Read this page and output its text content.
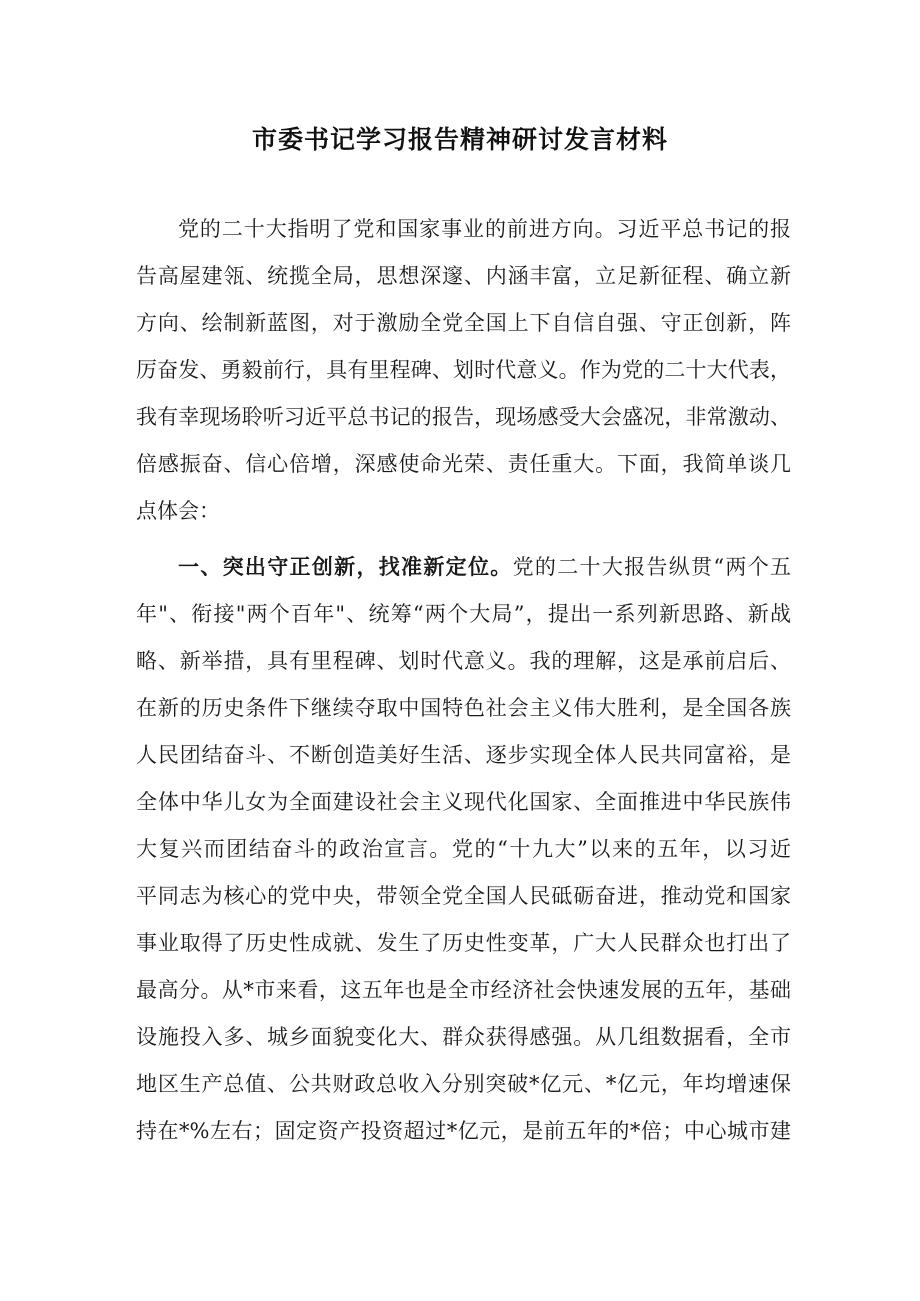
市委书记学习报告精神研讨发言材料
党的二十大指明了党和国家事业的前进方向。习近平总书记的报
告高屋建瓴、统揽全局，思想深邃、内涵丰富，立足新征程、确立新
方向、绘制新蓝图，对于激励全党全国上下自信自强、守正创新，阵
厉奋发、勇毅前行，具有里程碑、划时代意义。作为党的二十大代表，
我有幸现场聆听习近平总书记的报告，现场感受大会盛况，非常激动、
倍感振奋、信心倍增，深感使命光荣、责任重大。下面，我简单谈几
点体会：
一、突出守正创新，找准新定位。党的二十大报告纵贯“两个五
年"、衔接"两个百年"、统筹“两个大局”，提出一系列新思路、新战
略、新举措，具有里程碑、划时代意义。我的理解，这是承前启后、
在新的历史条件下继续夺取中国特色社会主义伟大胜利，是全国各族
人民团结奋斗、不断创造美好生活、逐步实现全体人民共同富裕，是
全体中华儿女为全面建设社会主义现代化国家、全面推进中华民族伟
大复兴而团结奋斗的政治宣言。党的“十九大”以来的五年，以习近
平同志为核心的党中央，带领全党全国人民砥砺奋进，推动党和国家
事业取得了历史性成就、发生了历史性变革，广大人民群众也打出了
最高分。从*市来看，这五年也是全市经济社会快速发展的五年，基础
设施投入多、城乡面貌变化大、群众获得感强。从几组数据看，全市
地区生产总值、公共财政总收入分别突破*亿元、*亿元，年均增速保
持在*%左右；固定资产投资超过*亿元，是前五年的*倍；中心城市建
